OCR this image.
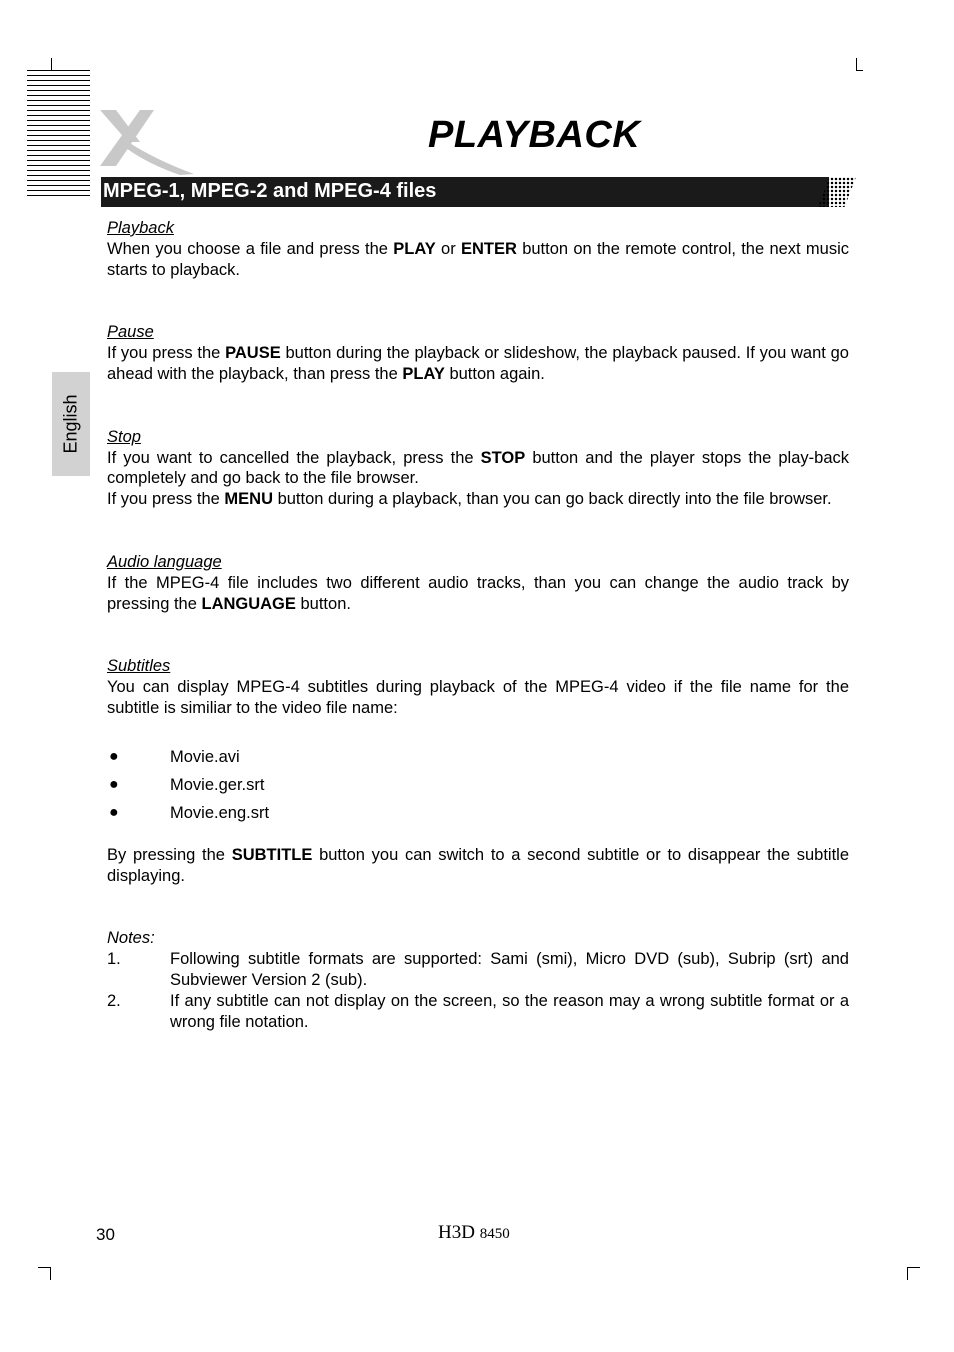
PLAYBACK
MPEG-1, MPEG-2 and MPEG-4 files
English
Playback
When you choose a file and press the PLAY or ENTER button on the remote control, the next music starts to playback.
Pause
If you press the PAUSE button during the playback or slideshow, the playback paused. If you want go ahead with the playback, than press the PLAY button again.
Stop
If you want to cancelled the playback, press the STOP button and the player stops the play-back completely and go back to the file browser.
If you press the MENU button during a playback, than you can go back directly into the file browser.
Audio language
If the MPEG-4 file includes two different audio tracks, than you can change the audio track by pressing the LANGUAGE button.
Subtitles
You can display MPEG-4 subtitles during playback of the MPEG-4 video if the file name for the subtitle is similiar to the video file name:
●	Movie.avi
●	Movie.ger.srt
●	Movie.eng.srt
By pressing the SUBTITLE button you can switch to a second subtitle or to disappear the subtitle displaying.
Notes:
1.	Following subtitle formats are supported: Sami (smi), Micro DVD (sub), Subrip (srt) and Subviewer Version 2 (sub).
2.	If any subtitle can not display on the screen, so the reason may a wrong subtitle format or a wrong file notation.
30	H3D 8450
